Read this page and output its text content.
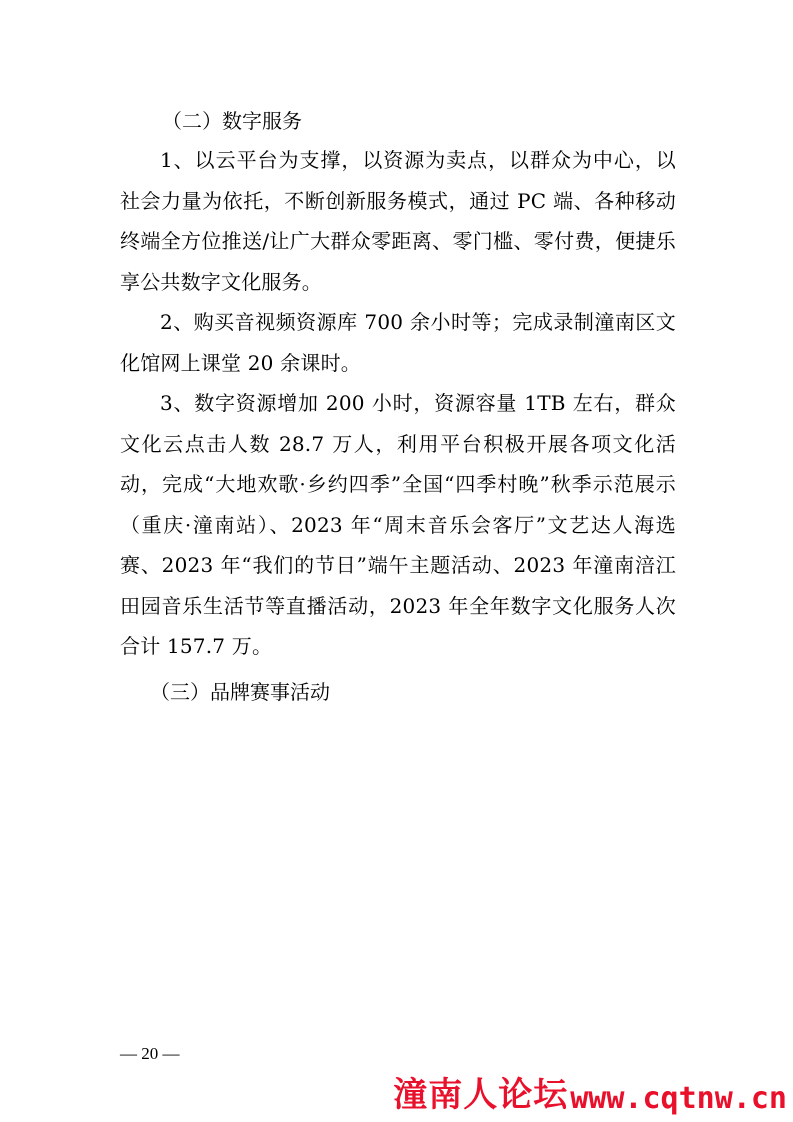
（二）数字服务
1、以云平台为支撑，以资源为卖点，以群众为中心，以社会力量为依托，不断创新服务模式，通过 PC 端、各种移动终端全方位推送/让广大群众零距离、零门槛、零付费，便捷乐享公共数字文化服务。
2、购买音视频资源库 700 余小时等；完成录制潼南区文化馆网上课堂 20 余课时。
3、数字资源增加 200 小时，资源容量 1TB 左右，群众文化云点击人数 28.7 万人，利用平台积极开展各项文化活动，完成“大地欢歌·乡约四季”全国“四季村晚”秋季示范展示（重庆·潼南站）、2023 年“周末音乐会客厅”文艺达人海选赛、2023 年“我们的节日”端午主题活动、2023 年潼南涪江田园音乐生活节等直播活动，2023 年全年数字文化服务人次合计 157.7 万。
（三）品牌赛事活动
— 20 —
潼南人论坛 www.cqtnw.cn
